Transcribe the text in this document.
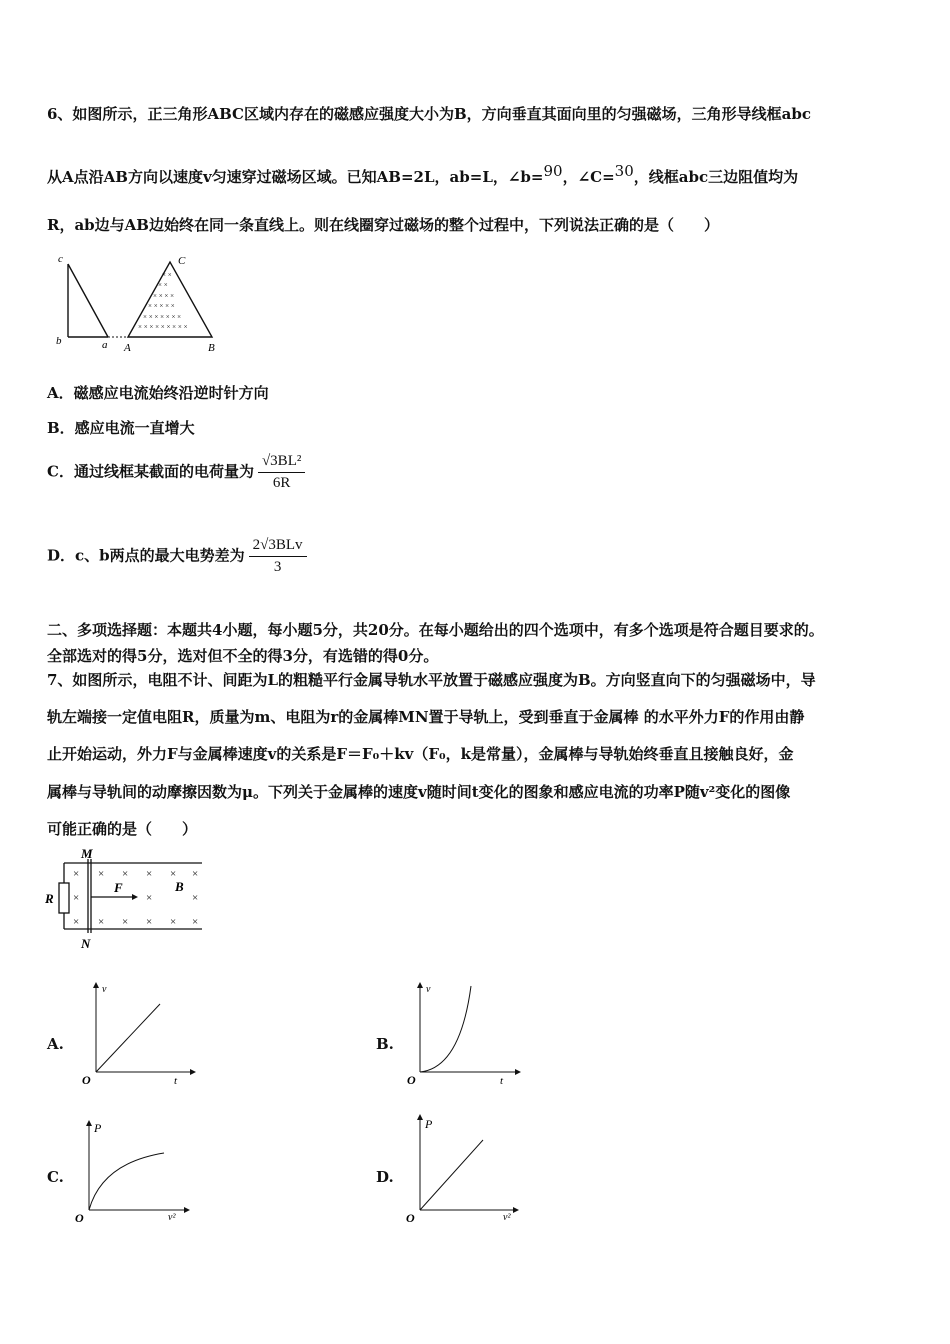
6、如图所示，正三角形ABC区域内存在的磁感应强度大小为B，方向垂直其面向里的匀强磁场，三角形导线框abc
从A点沿AB方向以速度v匀速穿过磁场区域。已知AB=2L，ab=L，∠b=90，∠C=30，线框abc三边阻值均为
R，ab边与AB边始终在同一条直线上。则在线圈穿过磁场的整个过程中，下列说法正确的是（　　）
× ×
× ×
× × × ×
× × × × ×
× × × × × × ×
× × × × × × × × ×
c	C
b	a A	B
A．磁感应电流始终沿逆时针方向
B．感应电流一直增大
C．通过线框某截面的电荷量为 $\frac{\text{√3BL²}}{6R}$
D．c、b两点的最大电势差为 $\frac{\text{2√3BLv}}{3}$
二、多项选择题：本题共4小题，每小题5分，共20分。在每小题给出的四个选项中，有多个选项是符合题目要求的。
全部选对的得5分，选对但不全的得3分，有选错的得0分。
7、如图所示，电阻不计、间距为L的粗糙平行金属导轨水平放置于磁感应强度为B。方向竖直向下的匀强磁场中，导
轨左端接一定值电阻R，质量为m、电阻为r的金属棒MN置于导轨上，受到垂直于金属棒 的水平外力F的作用由静
止开始运动，外力F与金属棒速度v的关系是F＝F₀＋kv（F₀，k是常量），金属棒与导轨始终垂直且接触良好，金
属棒与导轨间的动摩擦因数为μ。下列关于金属棒的速度v随时间t变化的图象和感应电流的功率P随v²变化的图像
可能正确的是（　　）
×
×
×
× × × × ×
×	×
× × × × ×
M
N
R
F	B
A.
v
t
O
B.
v
t
O
C.
P
v²
O
D.
P
v²
O
